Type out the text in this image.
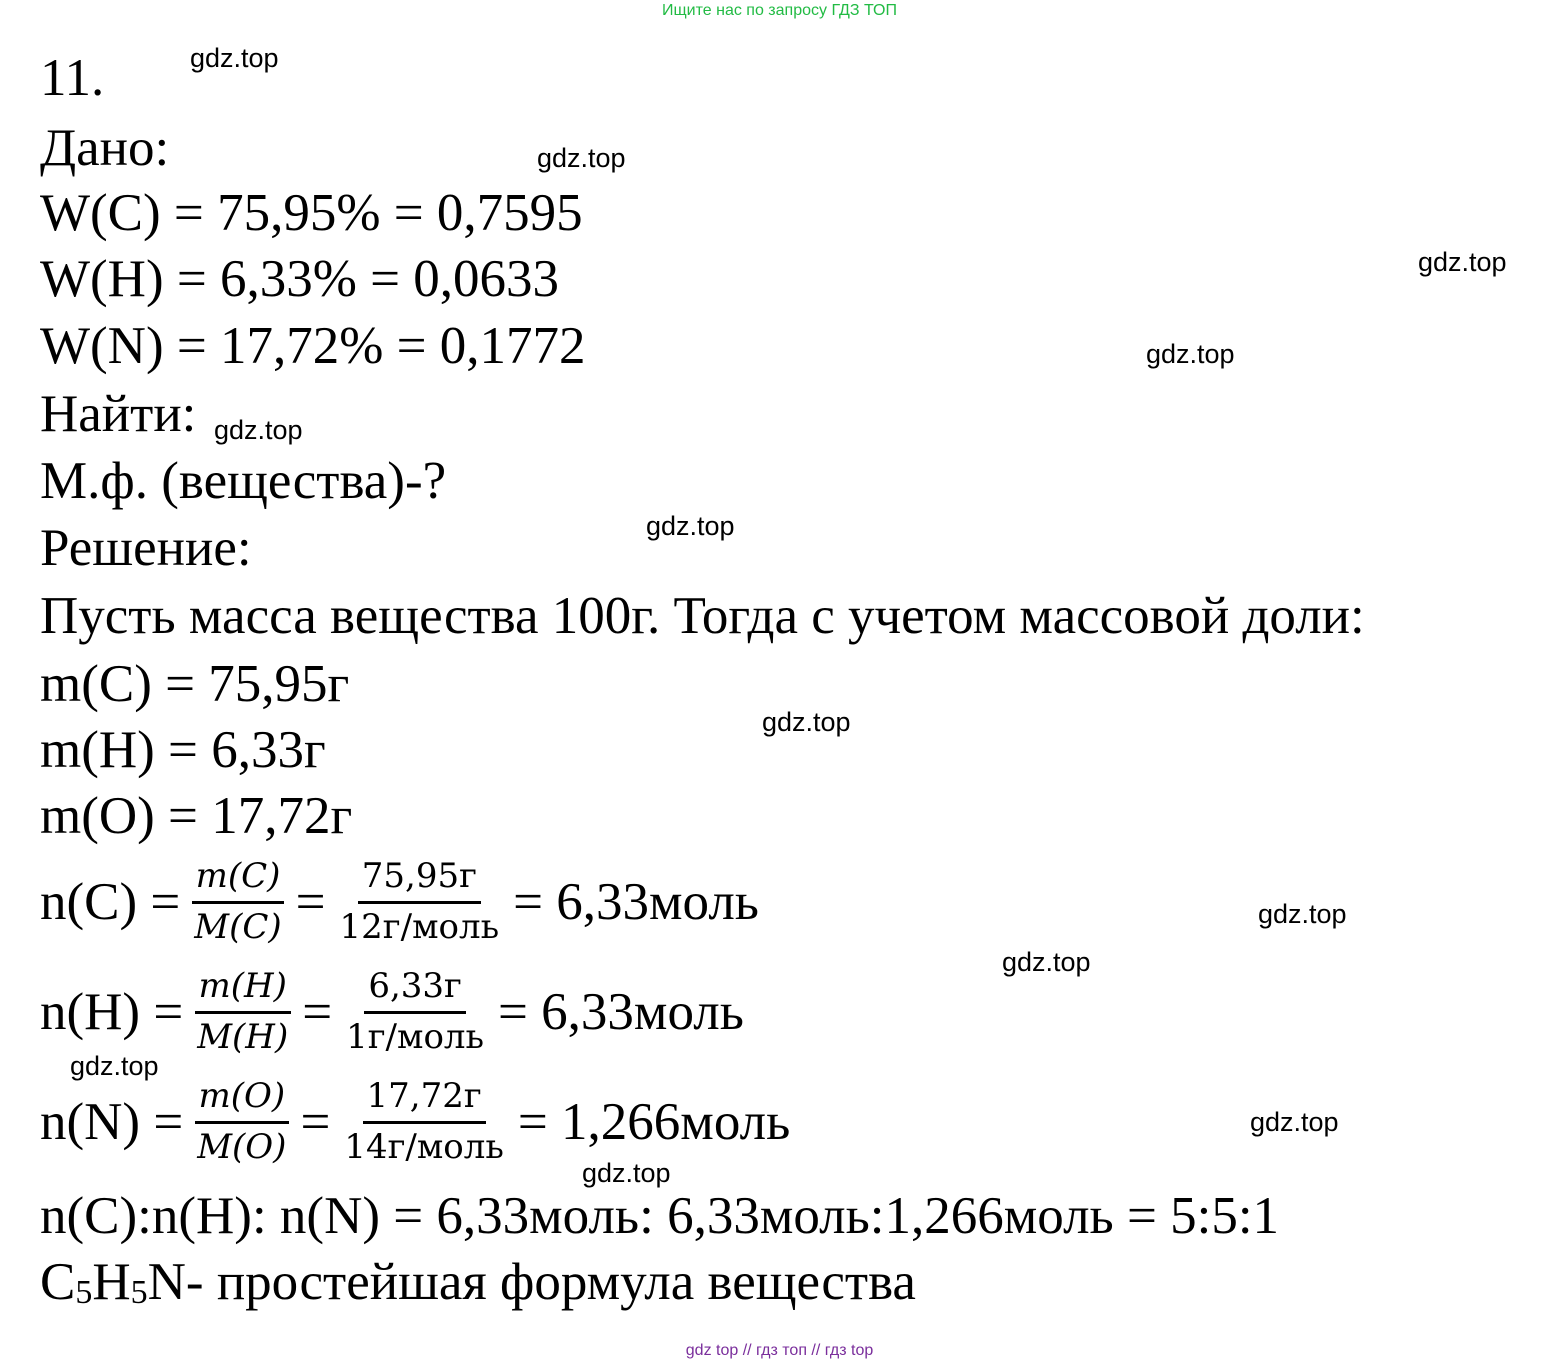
Ищите нас по запросу ГДЗ ТОП
11.
Дано:
W(C) = 75,95% = 0,7595
W(H) = 6,33% = 0,0633
W(N) = 17,72% = 0,1772
Найти:
М.ф. (вещества)-?
Решение:
Пусть масса вещества 100г. Тогда с учетом массовой доли:
m(C) = 75,95г
m(H) = 6,33г
m(O) = 17,72г
$n(C) = \frac{m(C)}{M(C)} = \frac{75,95г}{\text{12г/моль}}$ = 6,33моль
$n(H) = \frac{m(H)}{M(H)} = \frac{6,33г}{\text{1г/моль}}$ = 6,33моль
$n(N) = \frac{m(O)}{M(O)} = \frac{17,72г}{\text{14г/моль}}$ = 1,266моль
n(C):n(H): n(N) = 6,33моль: 6,33моль:1,266моль = 5:5:1
$C_5H_5N-$ простейшая формула вещества
gdz.top
gdz.top
gdz.top
gdz.top
gdz.top
gdz.top
gdz.top
gdz.top
gdz.top
gdz.top
gdz.top
gdz.top
gdz top // гдз топ // гдз top
